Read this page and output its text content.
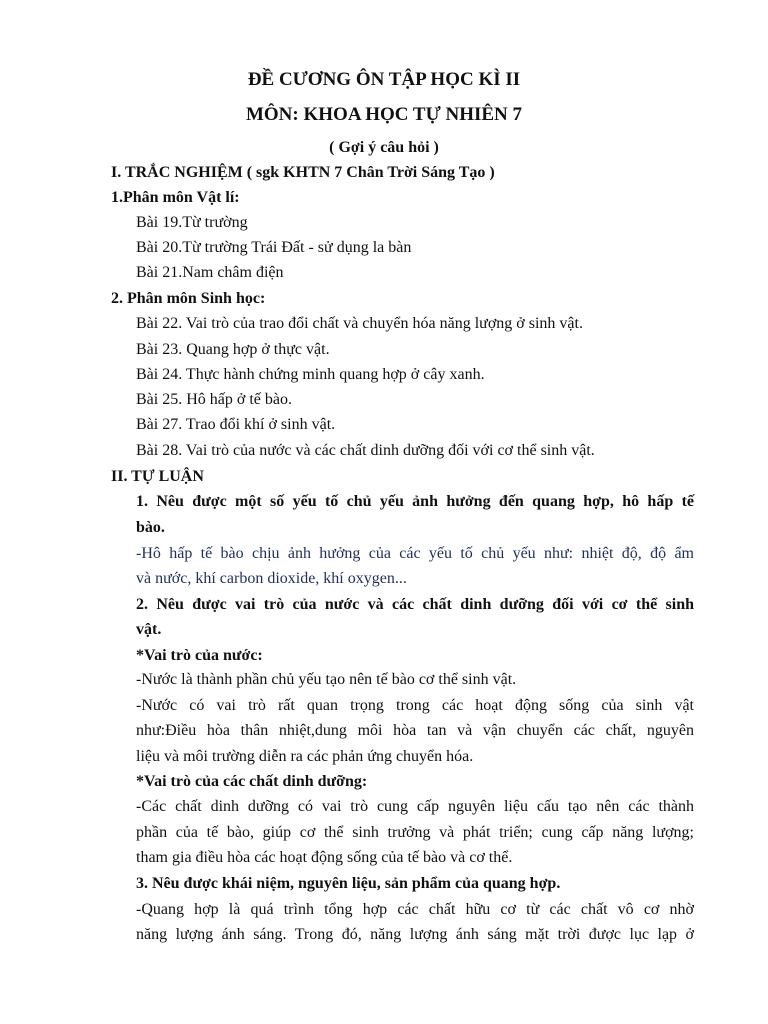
ĐỀ CƯƠNG ÔN TẬP HỌC KÌ II
MÔN: KHOA HỌC TỰ NHIÊN 7
( Gợi ý câu hỏi )
I. TRẮC NGHIỆM ( sgk KHTN 7 Chân Trời Sáng Tạo )
1.Phân môn Vật lí:
Bài 19.Từ trường
Bài 20.Từ trường Trái Đất - sử dụng la bàn
Bài 21.Nam châm điện
2. Phân môn Sinh học:
Bài 22. Vai trò của trao đổi chất và chuyển hóa năng lượng ở sinh vật.
Bài 23. Quang hợp ở thực vật.
Bài 24. Thực hành chứng minh quang hợp ở cây xanh.
Bài 25. Hô hấp ở tế bào.
Bài 27. Trao đổi khí ở sinh vật.
Bài 28. Vai trò của nước và các chất dinh dưỡng đối với cơ thể sinh vật.
II. TỰ LUẬN
1. Nêu được một số yếu tố chủ yếu ảnh hưởng đến quang hợp, hô hấp tế
bào.
-Hô hấp tế bào chịu ảnh hưởng của các yếu tố chủ yếu như: nhiệt độ, độ ẩm
và nước, khí carbon dioxide, khí oxygen...
2. Nêu được vai trò của nước và các chất dinh dưỡng đối với cơ thể sinh
vật.
*Vai trò của nước:
-Nước là thành phần chủ yếu tạo nên tế bào cơ thể sinh vật.
-Nước có vai trò rất quan trọng trong các hoạt động sống của sinh vật
như:Điều hòa thân nhiệt,dung môi hòa tan và vận chuyển các chất, nguyên
liệu và môi trường diễn ra các phản ứng chuyển hóa.
*Vai trò của các chất dinh dưỡng:
-Các chất dinh dưỡng có vai trò cung cấp nguyên liệu cấu tạo nên các thành
phần của tế bào, giúp cơ thể sinh trưởng và phát triển; cung cấp năng lượng;
tham gia điều hòa các hoạt động sống của tế bào và cơ thể.
3. Nêu được khái niệm, nguyên liệu, sản phẩm của quang hợp.
-Quang hợp là quá trình tổng hợp các chất hữu cơ từ các chất vô cơ nhờ
năng lượng ánh sáng. Trong đó, năng lượng ánh sáng mặt trời được lục lạp ở
